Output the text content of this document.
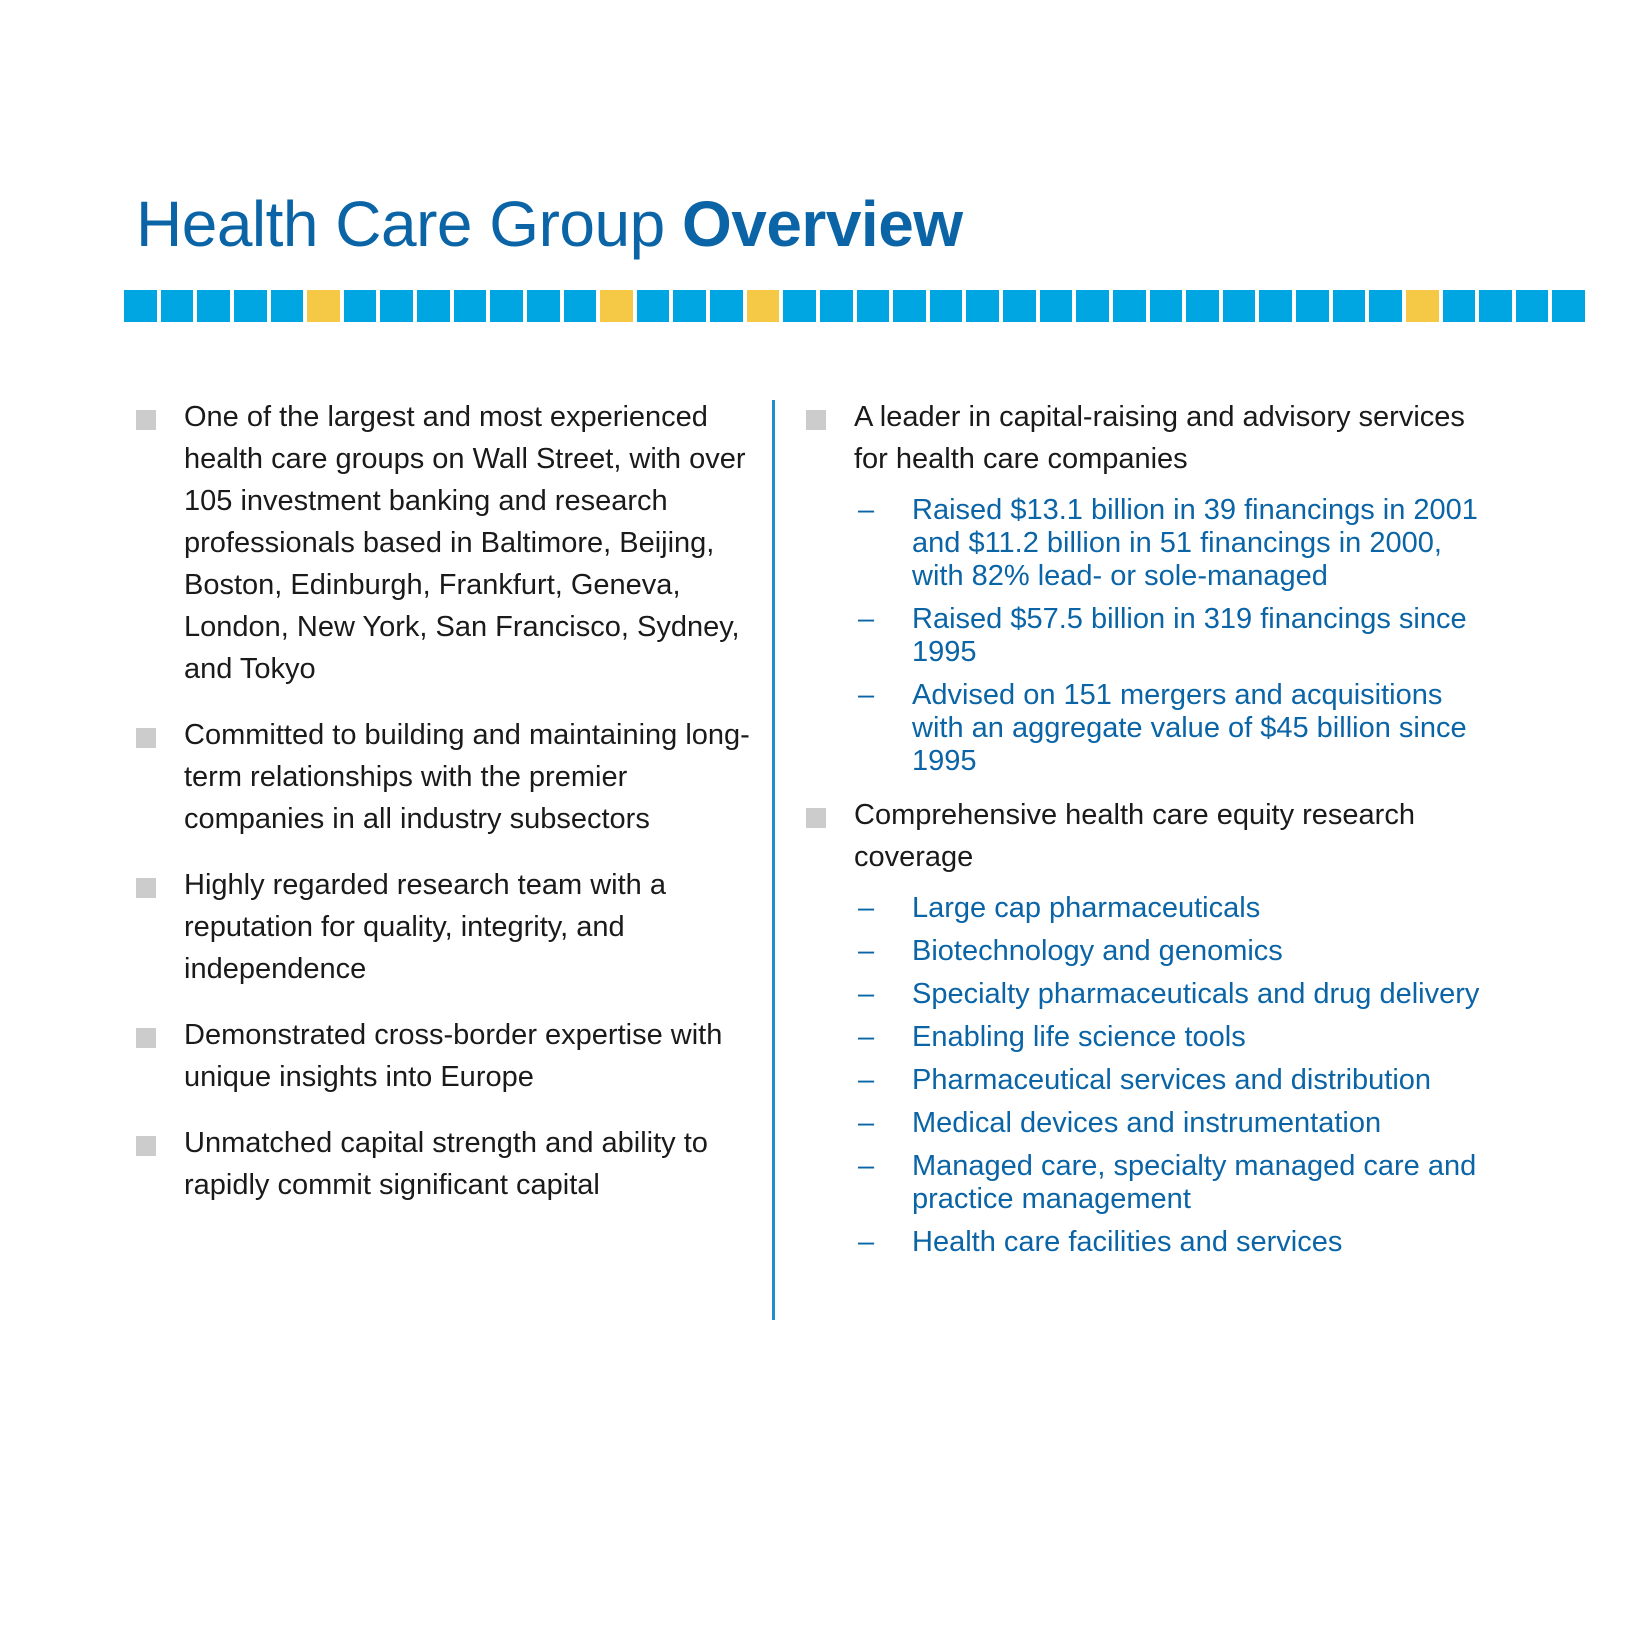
Health Care Group Overview
One of the largest and most experienced health care groups on Wall Street, with over 105 investment banking and research professionals based in Baltimore, Beijing, Boston, Edinburgh, Frankfurt, Geneva, London, New York, San Francisco, Sydney, and Tokyo
Committed to building and maintaining long-term relationships with the premier companies in all industry subsectors
Highly regarded research team with a reputation for quality, integrity, and independence
Demonstrated cross-border expertise with unique insights into Europe
Unmatched capital strength and ability to rapidly commit significant capital
A leader in capital-raising and advisory services for health care companies
– Raised $13.1 billion in 39 financings in 2001 and $11.2 billion in 51 financings in 2000, with 82% lead- or sole-managed
– Raised $57.5 billion in 319 financings since 1995
– Advised on 151 mergers and acquisitions with an aggregate value of $45 billion since 1995
Comprehensive health care equity research coverage
– Large cap pharmaceuticals
– Biotechnology and genomics
– Specialty pharmaceuticals and drug delivery
– Enabling life science tools
– Pharmaceutical services and distribution
– Medical devices and instrumentation
– Managed care, specialty managed care and practice management
– Health care facilities and services
